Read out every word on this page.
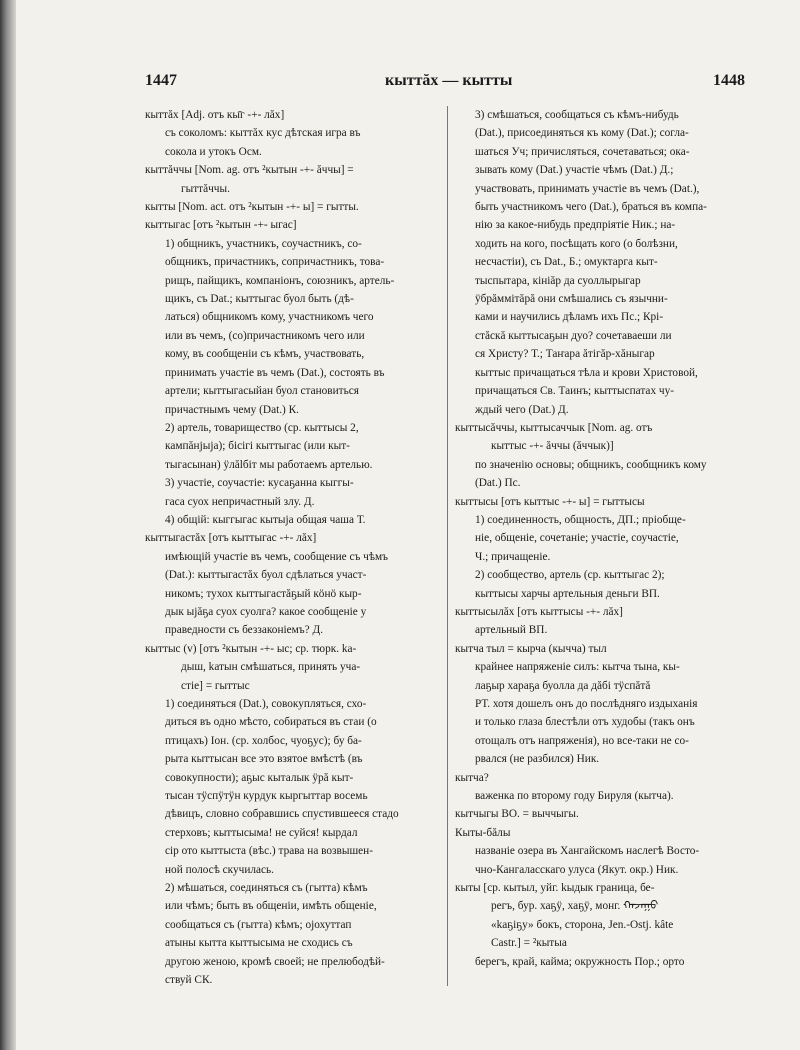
1447	кыттăх — кытты	1448
кыттăх [Adj. отъ кы̄г -+- лăх]
съ соколомъ: кыттăх кус дѣтская игра въ
сокола и утокъ Осм.
кыттăччы [Nom. ag. отъ ²кытын -+- ăччы] =
гыттăччы.
кытты [Nom. act. отъ ²кытын -+- ы] = гытты.
кыттыгас [отъ ²кытын -+- ыгас]
1) общникъ, участникъ, соучастникъ, со-
общникъ, причастникъ, сопричастникъ, това-
рищъ, пайщикъ, компаніонъ, союзникъ, артель-
щикъ, съ Dat.; кыттыгас буол быть (дѣ-
латься) общникомъ кому, участникомъ чего
или въ чемъ, (со)причастникомъ чего или
кому, въ сообщеніи съ кѣмъ, участвовать,
принимать участіе въ чемъ (Dat.), состоять въ
артели; кыттыгасыйан буол становиться
причастнымъ чему (Dat.) К.
2) артель, товарищество (ср. кыттысы 2,
кампăнјыја); бісігі кыттыгас (или кыт-
тыгасынан) ÿлălбіт мы работаемъ артелью.
3) участіе, соучастіе: кусаҕанна кыггы-
гаса суох непричастный злу. Д.
4) общій: кыггыгас кытыја общая чаша Т.
кыттыгастăх [отъ кыттыгас -+- лăх]
имѣющій участіе въ чемъ, сообщение съ чѣмъ
(Dat.): кыттыгастăх буол сдѣлаться участ-
никомъ; тухох кыттыгастăҕый кöнö кыр-
дык ыјăҕа суох суолга? какое сообщеніе у
праведности съ беззаконіемъ? Д.
кыттыс (v) [отъ ²кытын -+- ыс; ср. тюрк. kа-
дыш, kатын смѣшаться, принять уча-
стіе] = гыттыс
1) соединяться (Dat.), совокупляться, схо-
диться въ одно мѣсто, собираться въ стаи (о
птицахъ) Іон. (ср. холбос, чуоҕус); бу ба-
рыта кыттысан все это взятое вмѣстѣ (въ
совокупности); аҕыс кыталык ÿрă кыт-
тысан тÿспÿтÿн курдук кыргыттар восемь
дѣвицъ, словно собравшись спустившееся стадо
стерховъ; кыттысыма! не суйся! кырдал
сір ото кыттыста (вѣс.) трава на возвышен-
ной полосѣ скучилась.
2) мѣшаться, соединяться съ (гытта) кѣмъ
или чѣмъ; быть въ общеніи, имѣть общеніе,
сообщаться съ (гытта) кѣмъ; ојохуттап
атыны кытта кыттысыма не сходись съ
другою женою, кромѣ своей; не прелюбодѣй-
ствуй СК.
3) смѣшаться, сообщаться съ кѣмъ-нибудь
(Dat.), присоединяться къ кому (Dat.); согла-
шаться Уч; причисляться, сочетаваться; ока-
зывать кому (Dat.) участіе чѣмъ (Dat.) Д.;
участвовать, принимать участіе въ чемъ (Dat.),
быть участникомъ чего (Dat.), браться въ компа-
нію за какое-нибудь предпріятіе Ник.; на-
ходить на кого, посѣщать кого (о болѣзни,
несчастіи), съ Dat., Б.; омуктарга кыт-
тыспытара, кініăр да суоллырыгар
ÿбрăммітăрă они смѣшались съ язычни-
ками и научились дѣламъ ихъ Пс.; Крi-
стăскă кыттысаҕын дуо? сочетаваеши ли
ся Христу? Т.; Таҥара ăтігăр-хăныгар
кыттыс причащаться тѣла и крови Христовой,
причащаться Св. Таинъ; кыттыспатах чу-
ждый чего (Dat.) Д.
кыттысăччы, кыттысаччык [Nom. ag. отъ
кыттыс -+- ăччы (ăччык)]
по значенію основы; общникъ, сообщникъ кому
(Dat.) Пс.
кыттысы [отъ кыттыс -+- ы] = гыттысы
1) соединенность, общность, ДП.; пріобще-
ніе, общеніе, сочетаніе; участіе, соучастіе,
Ч.; причащеніе.
2) сообщество, артель (ср. кыттыгас 2);
кыттысы харчы артельныя деньги ВП.
кыттысылăх [отъ кыттысы -+- лăх]
артельный ВП.
кытча тыл = кырча (кычча) тыл
крайнее напряженіе силъ: кытча тына, кы-
лаҕыр хараҕа буолла да дăбі тÿспăтă
РТ. хотя дошелъ онъ до послѣдняго издыханія
и только глаза блестѣли отъ худобы (такъ онъ
отощалъ отъ напряженія), но все-таки не со-
рвался (не разбился) Ник.
кытча?
важенка по второму году Бируля (кытча).
кытчыгы ВО. = выччыгы.
Кыты-бăлы
названіе озера въ Хангайскомъ наслегѣ Восто-
чно-Кангаласскаго улуса (Якут. окр.) Ник.
кыты [ср. кытыл, уйг. kыдык граница, бе-
регъ, бур. хаҕÿ, хаҕÿ, монг. ᠬᠠᠵᠠᠭᠤ
«kаҕiҕу» бокъ, сторона, Jen.-Ostj. kâte
Castr.] = ²кытыа
берегъ, край, кайма; окружность Пор.; орто
